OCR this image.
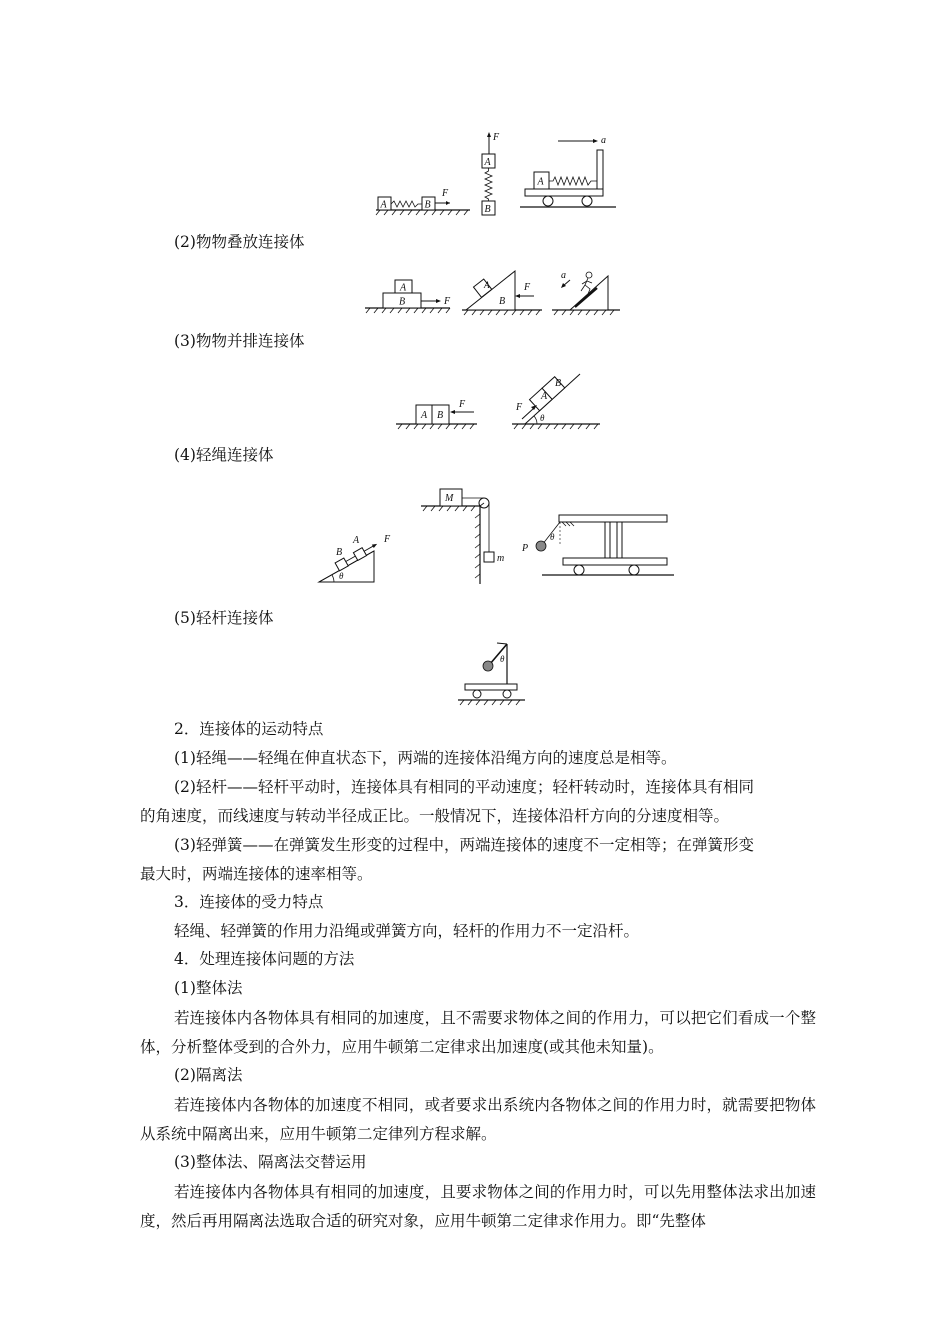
A	B
F
F
A
B
a
A
(2)物物叠放连接体
B
A
F	B
A	F
a
(3)物物并排连接体
A B
F
θ
A
B
F
(4)轻绳连接体
θ
B
A F
M
m
θ
P
(5)轻杆连接体
θ
2．连接体的运动特点
(1)轻绳——轻绳在伸直状态下，两端的连接体沿绳方向的速度总是相等。
(2)轻杆——轻杆平动时，连接体具有相同的平动速度；轻杆转动时，连接体具有相同
的角速度，而线速度与转动半径成正比。一般情况下，连接体沿杆方向的分速度相等。
(3)轻弹簧——在弹簧发生形变的过程中，两端连接体的速度不一定相等；在弹簧形变
最大时，两端连接体的速率相等。
3．连接体的受力特点
轻绳、轻弹簧的作用力沿绳或弹簧方向，轻杆的作用力不一定沿杆。
4．处理连接体问题的方法
(1)整体法
若连接体内各物体具有相同的加速度，且不需要求物体之间的作用力，可以把它们看成一个整体，分析整体受到的合外力，应用牛顿第二定律求出加速度(或其他未知量)。
(2)隔离法
若连接体内各物体的加速度不相同，或者要求出系统内各物体之间的作用力时，就需要把物体从系统中隔离出来，应用牛顿第二定律列方程求解。
(3)整体法、隔离法交替运用
若连接体内各物体具有相同的加速度，且要求物体之间的作用力时，可以先用整体法求出加速度，然后再用隔离法选取合适的研究对象，应用牛顿第二定律求作用力。即“先整体
